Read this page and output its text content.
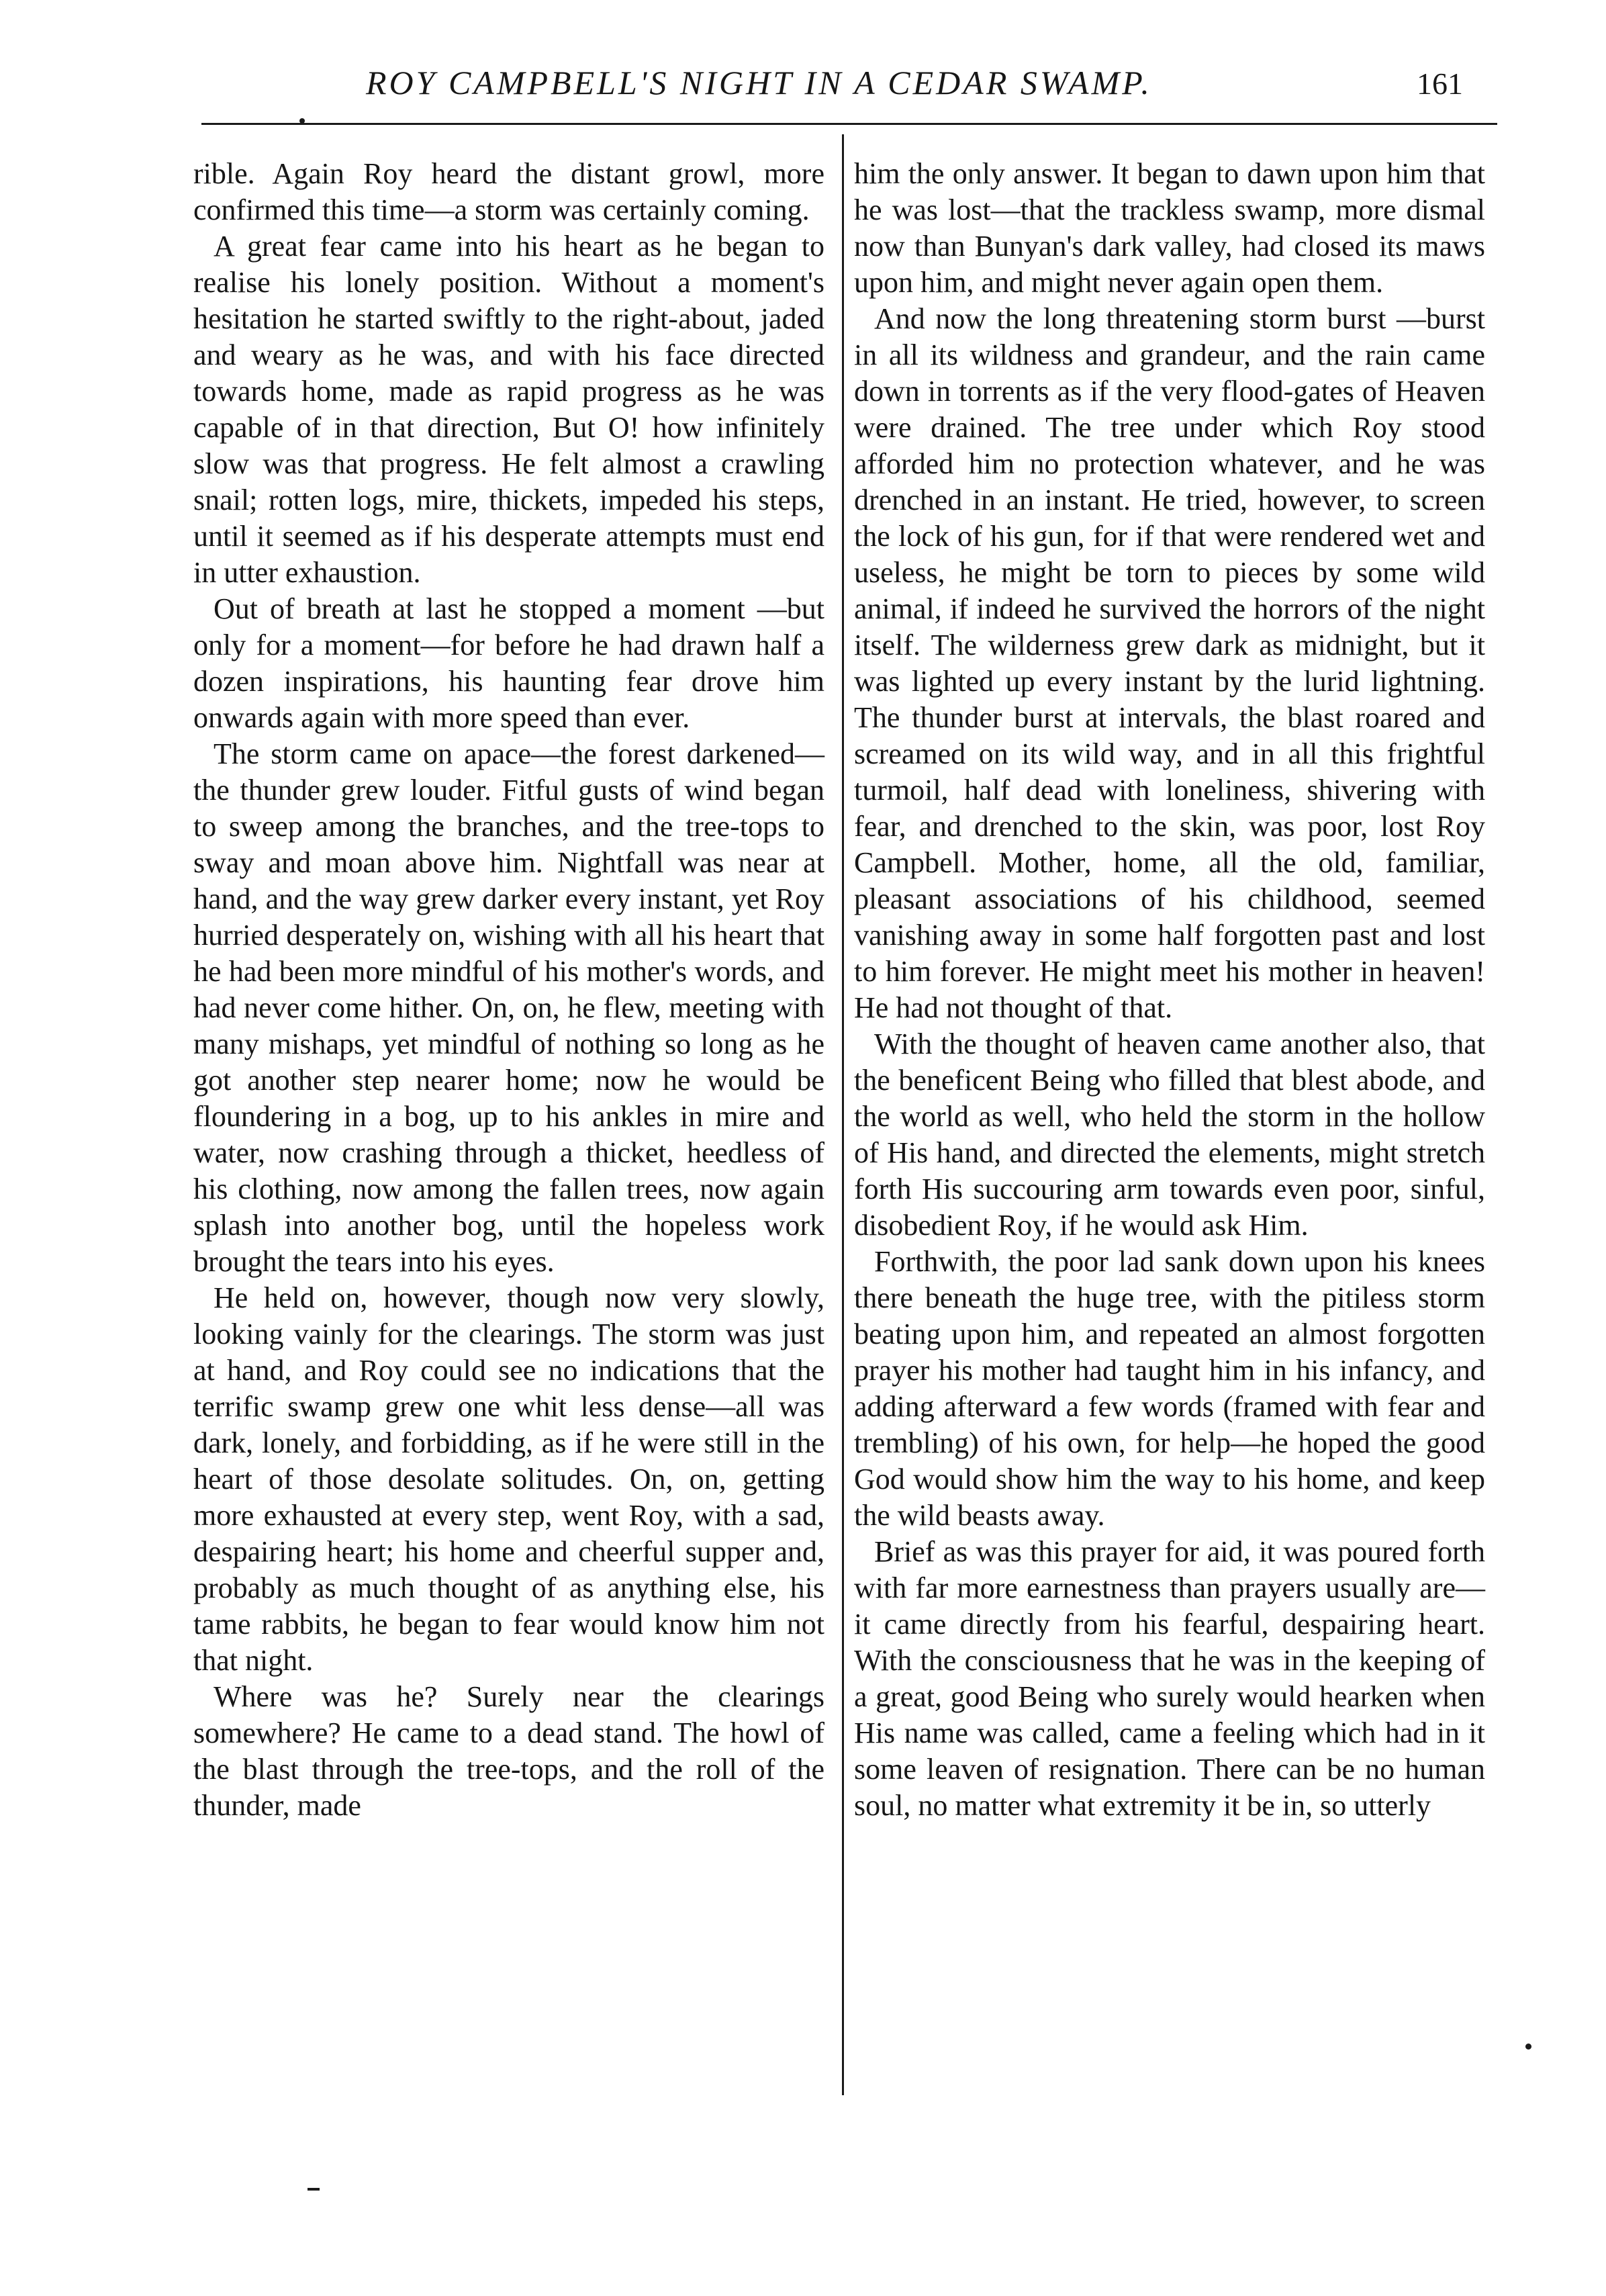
ROY CAMPBELL'S NIGHT IN A CEDAR SWAMP.	161

rible. Again Roy heard the distant growl, more confirmed this time—a storm was certainly coming.

A great fear came into his heart as he began to realise his lonely position. Without a moment's hesitation he started swiftly to the right-about, jaded and weary as he was, and with his face directed towards home, made as rapid progress as he was capable of in that direction, But O! how infinitely slow was that progress. He felt almost a crawling snail; rotten logs, mire, thickets, impeded his steps, until it seemed as if his desperate attempts must end in utter exhaustion.

Out of breath at last he stopped a moment —but only for a moment—for before he had drawn half a dozen inspirations, his haunting fear drove him onwards again with more speed than ever.

The storm came on apace—the forest darkened—the thunder grew louder. Fitful gusts of wind began to sweep among the branches, and the tree-tops to sway and moan above him. Nightfall was near at hand, and the way grew darker every instant, yet Roy hurried desperately on, wishing with all his heart that he had been more mindful of his mother's words, and had never come hither. On, on, he flew, meeting with many mishaps, yet mindful of nothing so long as he got another step nearer home; now he would be floundering in a bog, up to his ankles in mire and water, now crashing through a thicket, heedless of his clothing, now among the fallen trees, now again splash into another bog, until the hopeless work brought the tears into his eyes.

He held on, however, though now very slowly, looking vainly for the clearings. The storm was just at hand, and Roy could see no indications that the terrific swamp grew one whit less dense—all was dark, lonely, and forbidding, as if he were still in the heart of those desolate solitudes. On, on, getting more exhausted at every step, went Roy, with a sad, despairing heart; his home and cheerful supper and, probably as much thought of as anything else, his tame rabbits, he began to fear would know him not that night.

Where was he? Surely near the clearings somewhere? He came to a dead stand. The howl of the blast through the tree-tops, and the roll of the thunder, made

him the only answer. It began to dawn upon him that he was lost—that the trackless swamp, more dismal now than Bunyan's dark valley, had closed its maws upon him, and might never again open them.

And now the long threatening storm burst —burst in all its wildness and grandeur, and the rain came down in torrents as if the very flood-gates of Heaven were drained. The tree under which Roy stood afforded him no protection whatever, and he was drenched in an instant. He tried, however, to screen the lock of his gun, for if that were rendered wet and useless, he might be torn to pieces by some wild animal, if indeed he survived the horrors of the night itself. The wilderness grew dark as midnight, but it was lighted up every instant by the lurid lightning. The thunder burst at intervals, the blast roared and screamed on its wild way, and in all this frightful turmoil, half dead with loneliness, shivering with fear, and drenched to the skin, was poor, lost Roy Campbell. Mother, home, all the old, familiar, pleasant associations of his childhood, seemed vanishing away in some half forgotten past and lost to him forever. He might meet his mother in heaven! He had not thought of that.

With the thought of heaven came another also, that the beneficent Being who filled that blest abode, and the world as well, who held the storm in the hollow of His hand, and directed the elements, might stretch forth His succouring arm towards even poor, sinful, disobedient Roy, if he would ask Him.

Forthwith, the poor lad sank down upon his knees there beneath the huge tree, with the pitiless storm beating upon him, and repeated an almost forgotten prayer his mother had taught him in his infancy, and adding afterward a few words (framed with fear and trembling) of his own, for help—he hoped the good God would show him the way to his home, and keep the wild beasts away.

Brief as was this prayer for aid, it was poured forth with far more earnestness than prayers usually are—it came directly from his fearful, despairing heart. With the consciousness that he was in the keeping of a great, good Being who surely would hearken when His name was called, came a feeling which had in it some leaven of resignation. There can be no human soul, no matter what extremity it be in, so utterly
